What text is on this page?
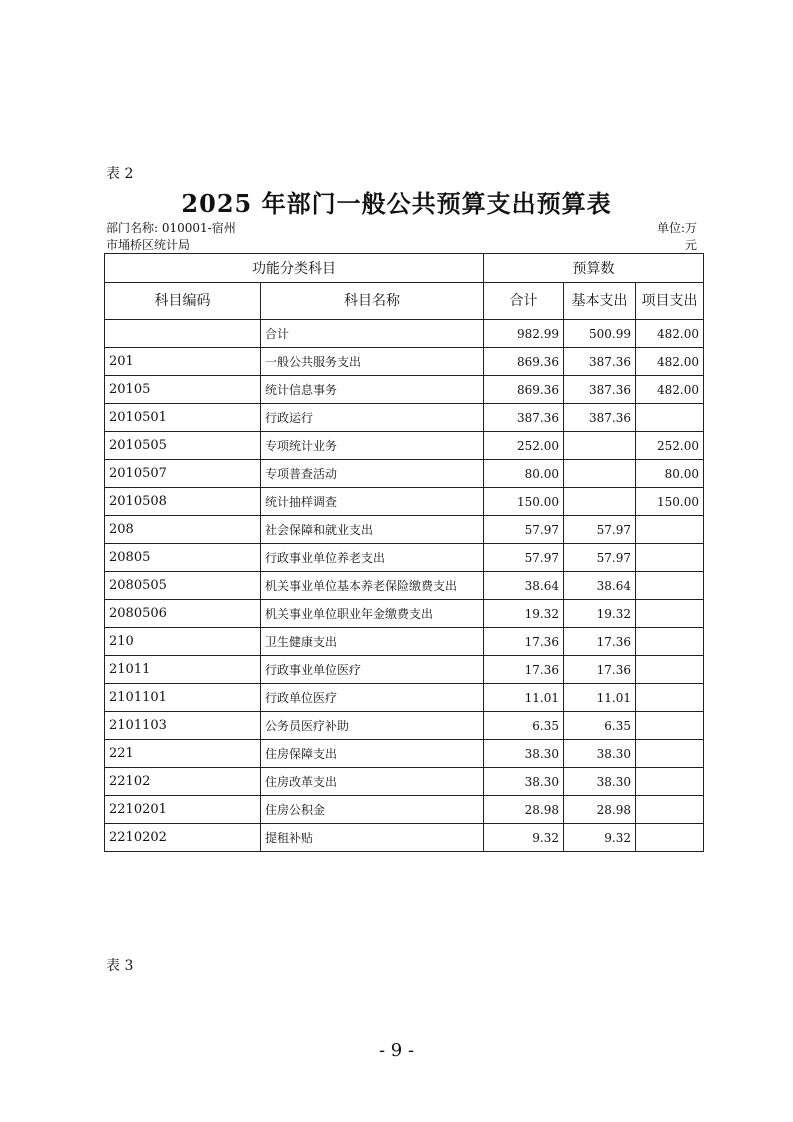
表 2
2025 年部门一般公共预算支出预算表
部门名称: 010001-宿州
市埇桥区统计局
单位:万
元
功能分类科目		预算数		
科目编码	科目名称	合计	基本支出	项目支出
	合计	982.99	500.99	482.00
201	一般公共服务支出	869.36	387.36	482.00
20105	统计信息事务	869.36	387.36	482.00
2010501	行政运行	387.36	387.36	
2010505	专项统计业务	252.00		252.00
2010507	专项普查活动	80.00		80.00
2010508	统计抽样调查	150.00		150.00
208	社会保障和就业支出	57.97	57.97	
20805	行政事业单位养老支出	57.97	57.97	
2080505	机关事业单位基本养老保险缴费支出	38.64	38.64	
2080506	机关事业单位职业年金缴费支出	19.32	19.32	
210	卫生健康支出	17.36	17.36	
21011	行政事业单位医疗	17.36	17.36	
2101101	行政单位医疗	11.01	11.01	
2101103	公务员医疗补助	6.35	6.35	
221	住房保障支出	38.30	38.30	
22102	住房改革支出	38.30	38.30	
2210201	住房公积金	28.98	28.98	
2210202	提租补贴	9.32	9.32	
表 3
- 9 -
